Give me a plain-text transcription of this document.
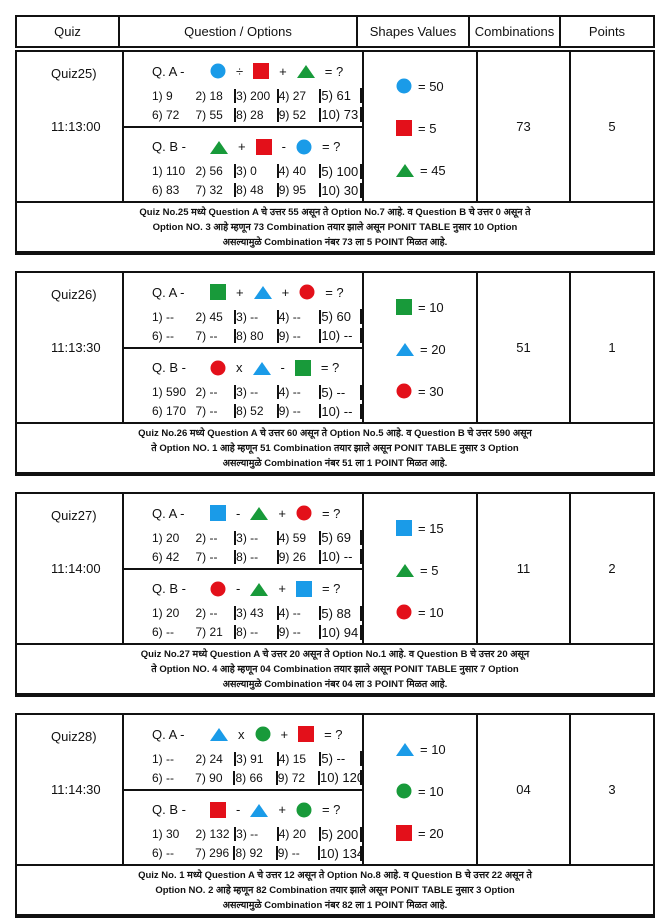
Quiz	Question / Options	Shapes Values	Combinations	Points
Quiz25)
11:13:00
Q. A -	÷	+	= ?
1) 9	2) 18	3) 200 4) 27	5) 61
6) 72	7) 55	8) 28	9) 52	10) 73
Q. B -	+	-	= ?
1) 110 2) 56	3) 0	4) 40	5) 100
6) 83	7) 32	8) 48	9) 95	10) 30
= 50
= 5
= 45
73	5
Quiz No.25 मध्ये Question A चे उत्तर 55 असून ते Option No.7 आहे. व Question B चे उत्तर 0 असून ते
Option NO. 3 आहे म्हणून 73 Combination तयार झाले असून PONIT TABLE नुसार 10 Option
असल्यामुळे Combination नंबर 73 ला 5 POINT मिळत आहे.
Quiz26)
11:13:30
Q. A -	+	+	= ?
1) --	2) 45	3) --	4) --	5) 60
6) --	7) --	8) 80	9) --	10) --
Q. B -	x	-	= ?
1) 590 2) --	3) --	4) --	5) --
6) 170 7) --	8) 52	9) --	10) --
= 10
= 20
= 30
51	1
Quiz No.26 मध्ये Question A चे उत्तर 60 असून ते Option No.5 आहे. व Question B चे उत्तर 590 असून
ते Option NO. 1 आहे म्हणून 51 Combination तयार झाले असून PONIT TABLE नुसार 3 Option
असल्यामुळे Combination नंबर 51 ला 1 POINT मिळत आहे.
Quiz27)
11:14:00
Q. A -	-	+	= ?
1) 20	2) --	3) --	4) 59	5) 69
6) 42	7) --	8) --	9) 26	10) --
Q. B -	-	+	= ?
1) 20	2) --	3) 43	4) --	5) 88
6) --	7) 21	8) --	9) --	10) 94
= 15
= 5
= 10
11	2
Quiz No.27 मध्ये Question A चे उत्तर 20 असून ते Option No.1 आहे. व Question B चे उत्तर 20 असून
ते Option NO. 4 आहे म्हणून 04 Combination तयार झाले असून PONIT TABLE नुसार 7 Option
असल्यामुळे Combination नंबर 04 ला 3 POINT मिळत आहे.
Quiz28)
11:14:30
Q. A -	x	+	= ?
1) --	2) 24	3) 91	4) 15	5) --
6) --	7) 90	8) 66	9) 72	10) 120
Q. B -	-	+	= ?
1) 30	2) 132 3) --	4) 20	5) 200
6) --	7) 296 8) 92	9) --	10) 134
= 10
= 10
= 20
04	3
Quiz No. 1 मध्ये Question A चे उत्तर 12 असून ते Option No.8 आहे. व Question B चे उत्तर 22 असून ते
Option NO. 2 आहे म्हणून 82 Combination तयार झाले असून PONIT TABLE नुसार 3 Option
असल्यामुळे Combination नंबर 82 ला 1 POINT मिळत आहे.
